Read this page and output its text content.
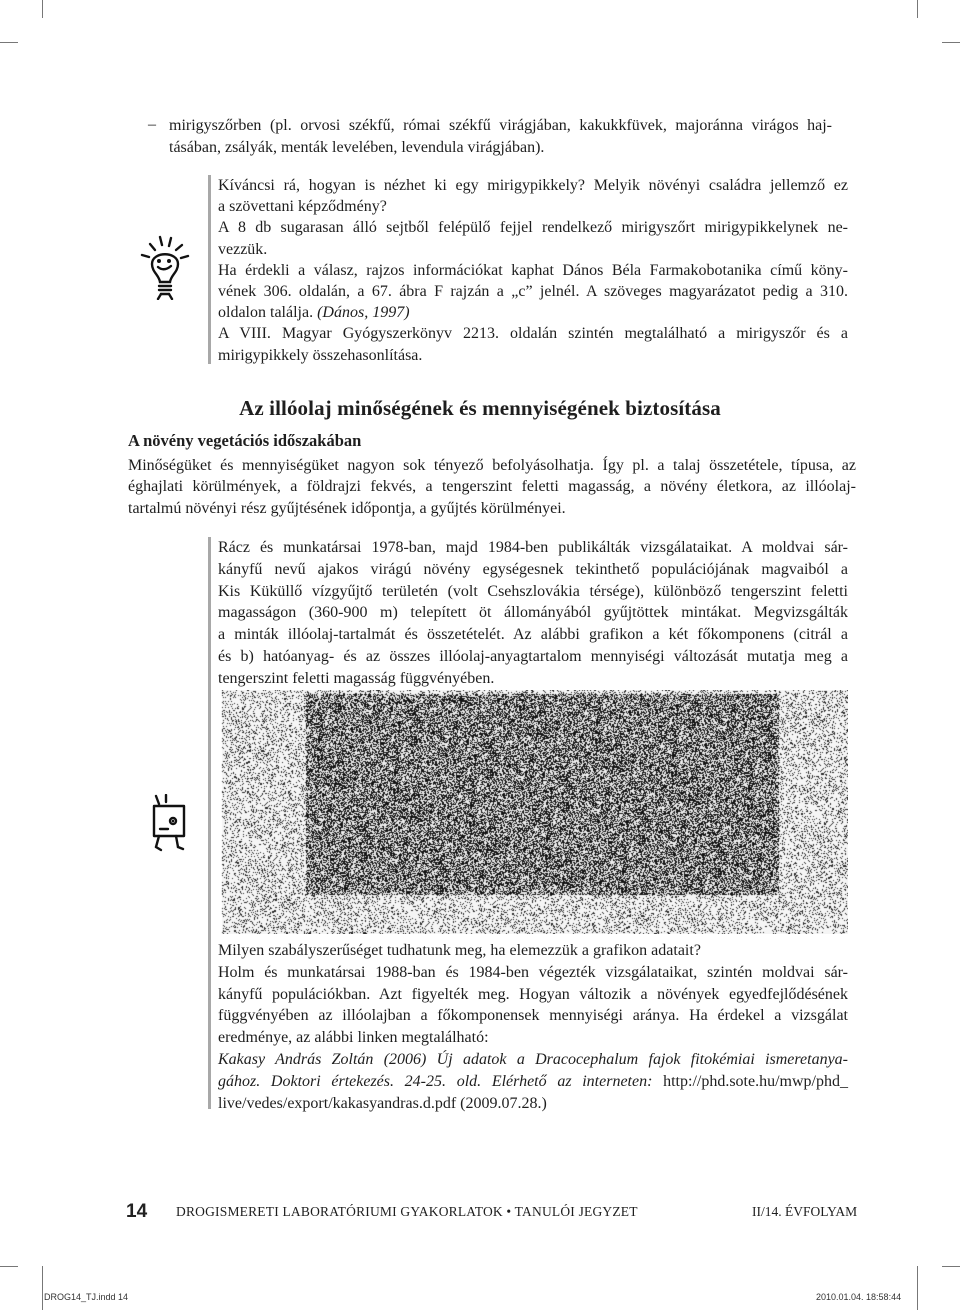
– mirigyszőrben (pl. orvosi székfű, római székfű virágjában, kakukkfüvek, majoránna virágos haj-
tásában, zsályák, menták levelében, levendula virágjában).
Kíváncsi rá, hogyan is nézhet ki egy mirigypikkely? Melyik növényi családra jellemző ez
a szövettani képződmény?
A 8 db sugarasan álló sejtből felépülő fejjel rendelkező mirigyszőrt mirigypikkelynek ne-
vezzük.
Ha érdekli a válasz, rajzos információkat kaphat Dános Béla Farmakobotanika című köny-
vének 306. oldalán, a 67. ábra F rajzán a „c” jelnél. A szöveges magyarázatot pedig a 310.
oldalon találja. (Dános, 1997)
A VIII. Magyar Gyógyszerkönyv 2213. oldalán szintén megtalálható a mirigyszőr és a
mirigypikkely összehasonlítása.
Az illóolaj minőségének és mennyiségének biztosítása
A növény vegetációs időszakában
Minőségüket és mennyiségüket nagyon sok tényező befolyásolhatja. Így pl. a talaj összetétele, típusa, az
éghajlati körülmények, a földrajzi fekvés, a tengerszint feletti magasság, a növény életkora, az illóolaj-
tartalmú növényi rész gyűjtésének időpontja, a gyűjtés körülményei.
Rácz és munkatársai 1978-ban, majd 1984-ben publikálták vizsgálataikat. A moldvai sár-
kányfű nevű ajakos virágú növény egységesnek tekinthető populációjának magvaiból a
Kis Küküllő vízgyűjtő területén (volt Csehszlovákia térsége), különböző tengerszint feletti
magasságon (360-900 m) telepített öt állományából gyűjtöttek mintákat. Megvizsgálták
a minták illóolaj-tartalmát és összetételét. Az alábbi grafikon a két főkomponens (citrál a
és b) hatóanyag- és az összes illóolaj-anyagtartalom mennyiségi változását mutatja meg a
tengerszint feletti magasság függvényében.
Milyen szabályszerűséget tudhatunk meg, ha elemezzük a grafikon adatait?
Holm és munkatársai 1988-ban és 1984-ben végezték vizsgálataikat, szintén moldvai sár-
kányfű populációkban. Azt figyelték meg. Hogyan változik a növények egyedfejlődésének
függvényében az illóolajban a főkomponensek mennyiségi aránya. Ha érdekel a vizsgálat
eredménye, az alábbi linken megtalálható:
Kakasy András Zoltán (2006) Új adatok a Dracocephalum fajok fitokémiai ismeretanya-
gához. Doktori értekezés. 24-25. old. Elérhető az interneten: http://phd.sote.hu/mwp/phd_
live/vedes/export/kakasyandras.d.pdf (2009.07.28.)
14 DROGISMERETI LABORATÓRIUMI GYAKORLATOK • TANULÓI JEGYZET	II/14. ÉVFOLYAM
DROG14_TJ.indd 14	2010.01.04. 18:58:44
